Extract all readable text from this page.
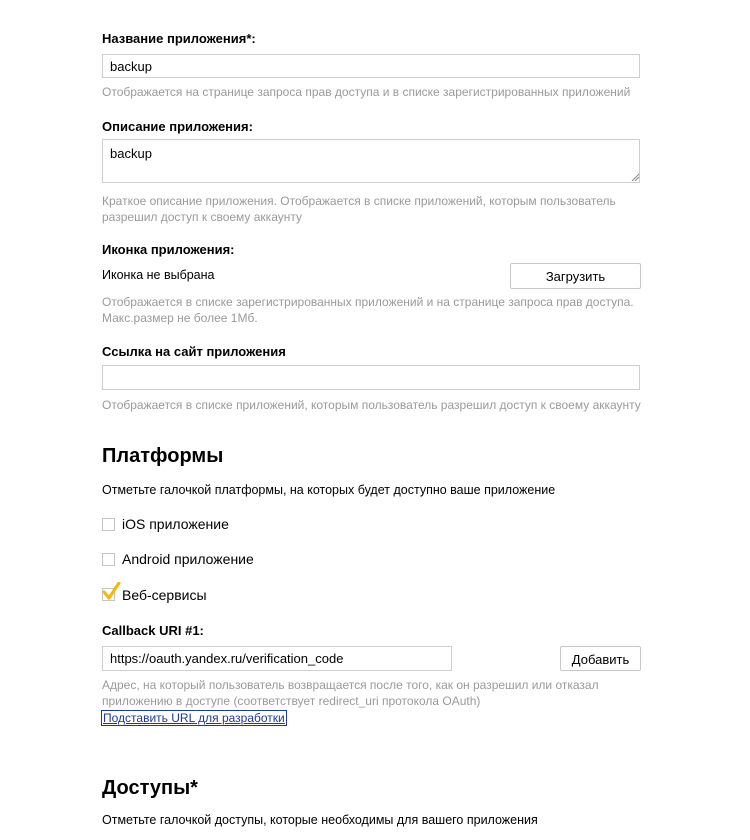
Название приложения*:
backup
Отображается на странице запроса прав доступа и в списке зарегистрированных приложений
Описание приложения:
backup
Краткое описание приложения. Отображается в списке приложений, которым пользователь
разрешил доступ к своему аккаунту
Иконка приложения:
Иконка не выбрана	Загрузить
Отображается в списке зарегистрированных приложений и на странице запроса прав доступа.
Макс.размер не более 1Мб.
Ссылка на сайт приложения
Отображается в списке приложений, которым пользователь разрешил доступ к своему аккаунту
Платформы
Отметьте галочкой платформы, на которых будет доступно ваше приложение
iOS приложение
Android приложение
Веб-сервисы
Callback URI #1:
https://oauth.yandex.ru/verification_code
Добавить
Адрес, на который пользователь возвращается после того, как он разрешил или отказал
приложению в доступе (соответствует redirect_uri протокола OAuth)
Подставить URL для разработки
Доступы*
Отметьте галочкой доступы, которые необходимы для вашего приложения
